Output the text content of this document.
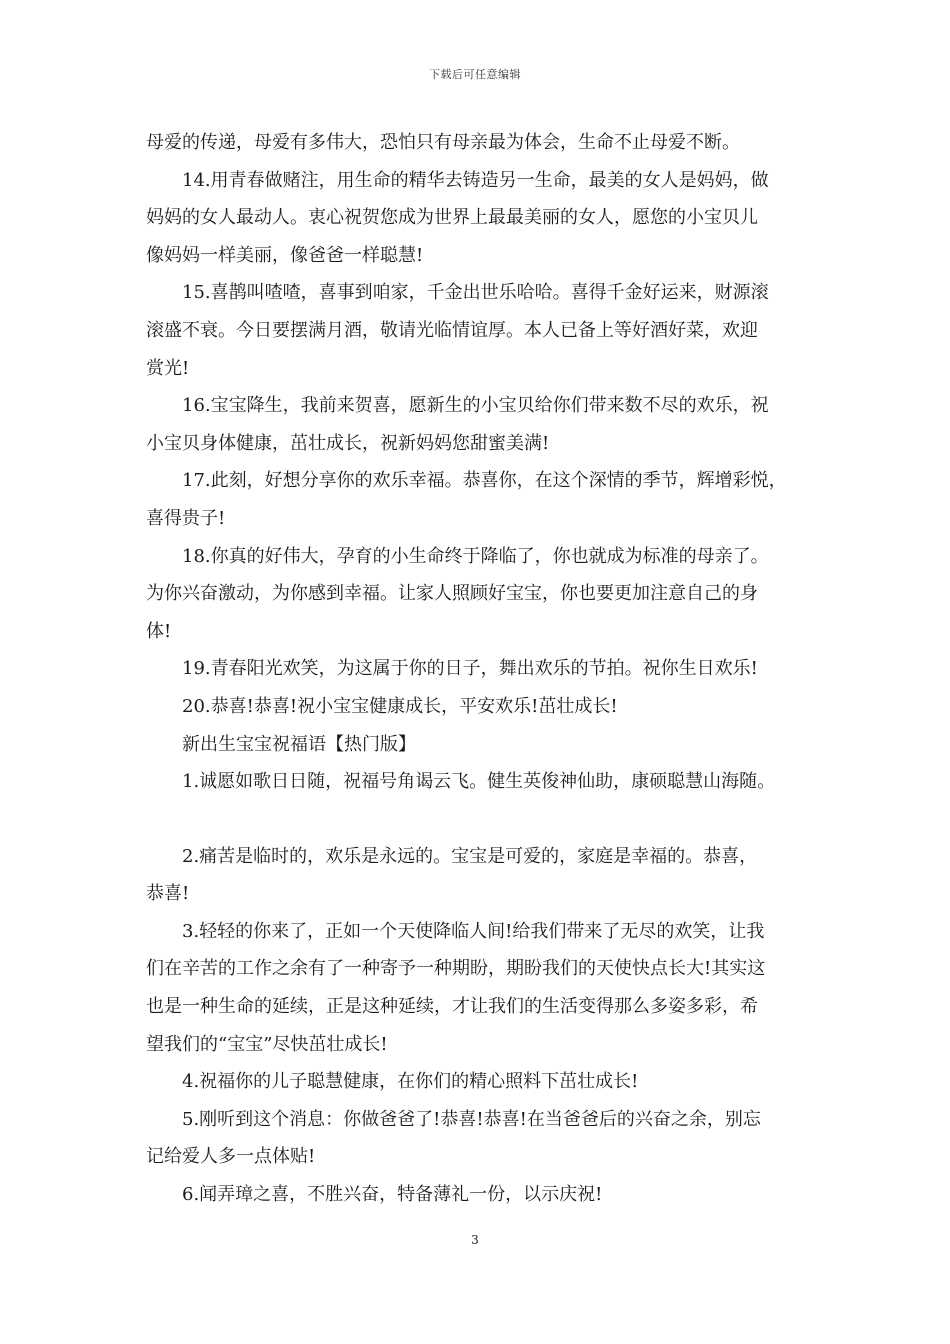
下载后可任意编辑

母爱的传递，母爱有多伟大，恐怕只有母亲最为体会，生命不止母爱不断。

14.用青春做赌注，用生命的精华去铸造另一生命，最美的女人是妈妈，做
妈妈的女人最动人。衷心祝贺您成为世界上最最美丽的女人，愿您的小宝贝儿
像妈妈一样美丽，像爸爸一样聪慧!

15.喜鹊叫喳喳，喜事到咱家，千金出世乐哈哈。喜得千金好运来，财源滚
滚盛不衰。今日要摆满月酒，敬请光临情谊厚。本人已备上等好酒好菜，欢迎
赏光!

16.宝宝降生，我前来贺喜，愿新生的小宝贝给你们带来数不尽的欢乐，祝
小宝贝身体健康，茁壮成长，祝新妈妈您甜蜜美满!

17.此刻，好想分享你的欢乐幸福。恭喜你，在这个深情的季节，辉增彩悦，
喜得贵子!

18.你真的好伟大，孕育的小生命终于降临了，你也就成为标准的母亲了。
为你兴奋激动，为你感到幸福。让家人照顾好宝宝，你也要更加注意自己的身
体!

19.青春阳光欢笑，为这属于你的日子，舞出欢乐的节拍。祝你生日欢乐!

20.恭喜!恭喜!祝小宝宝健康成长，平安欢乐!茁壮成长!

新出生宝宝祝福语【热门版】

1.诚愿如歌日日随，祝福号角谒云飞。健生英俊神仙助，康硕聪慧山海随。

2.痛苦是临时的，欢乐是永远的。宝宝是可爱的，家庭是幸福的。恭喜，
恭喜!

3.轻轻的你来了，正如一个天使降临人间!给我们带来了无尽的欢笑，让我
们在辛苦的工作之余有了一种寄予一种期盼，期盼我们的天使快点长大!其实这
也是一种生命的延续，正是这种延续，才让我们的生活变得那么多姿多彩，希
望我们的“宝宝”尽快茁壮成长!

4.祝福你的儿子聪慧健康，在你们的精心照料下茁壮成长!

5.刚听到这个消息：你做爸爸了!恭喜!恭喜!在当爸爸后的兴奋之余，别忘
记给爱人多一点体贴!

6.闻弄璋之喜，不胜兴奋，特备薄礼一份，以示庆祝!

3
